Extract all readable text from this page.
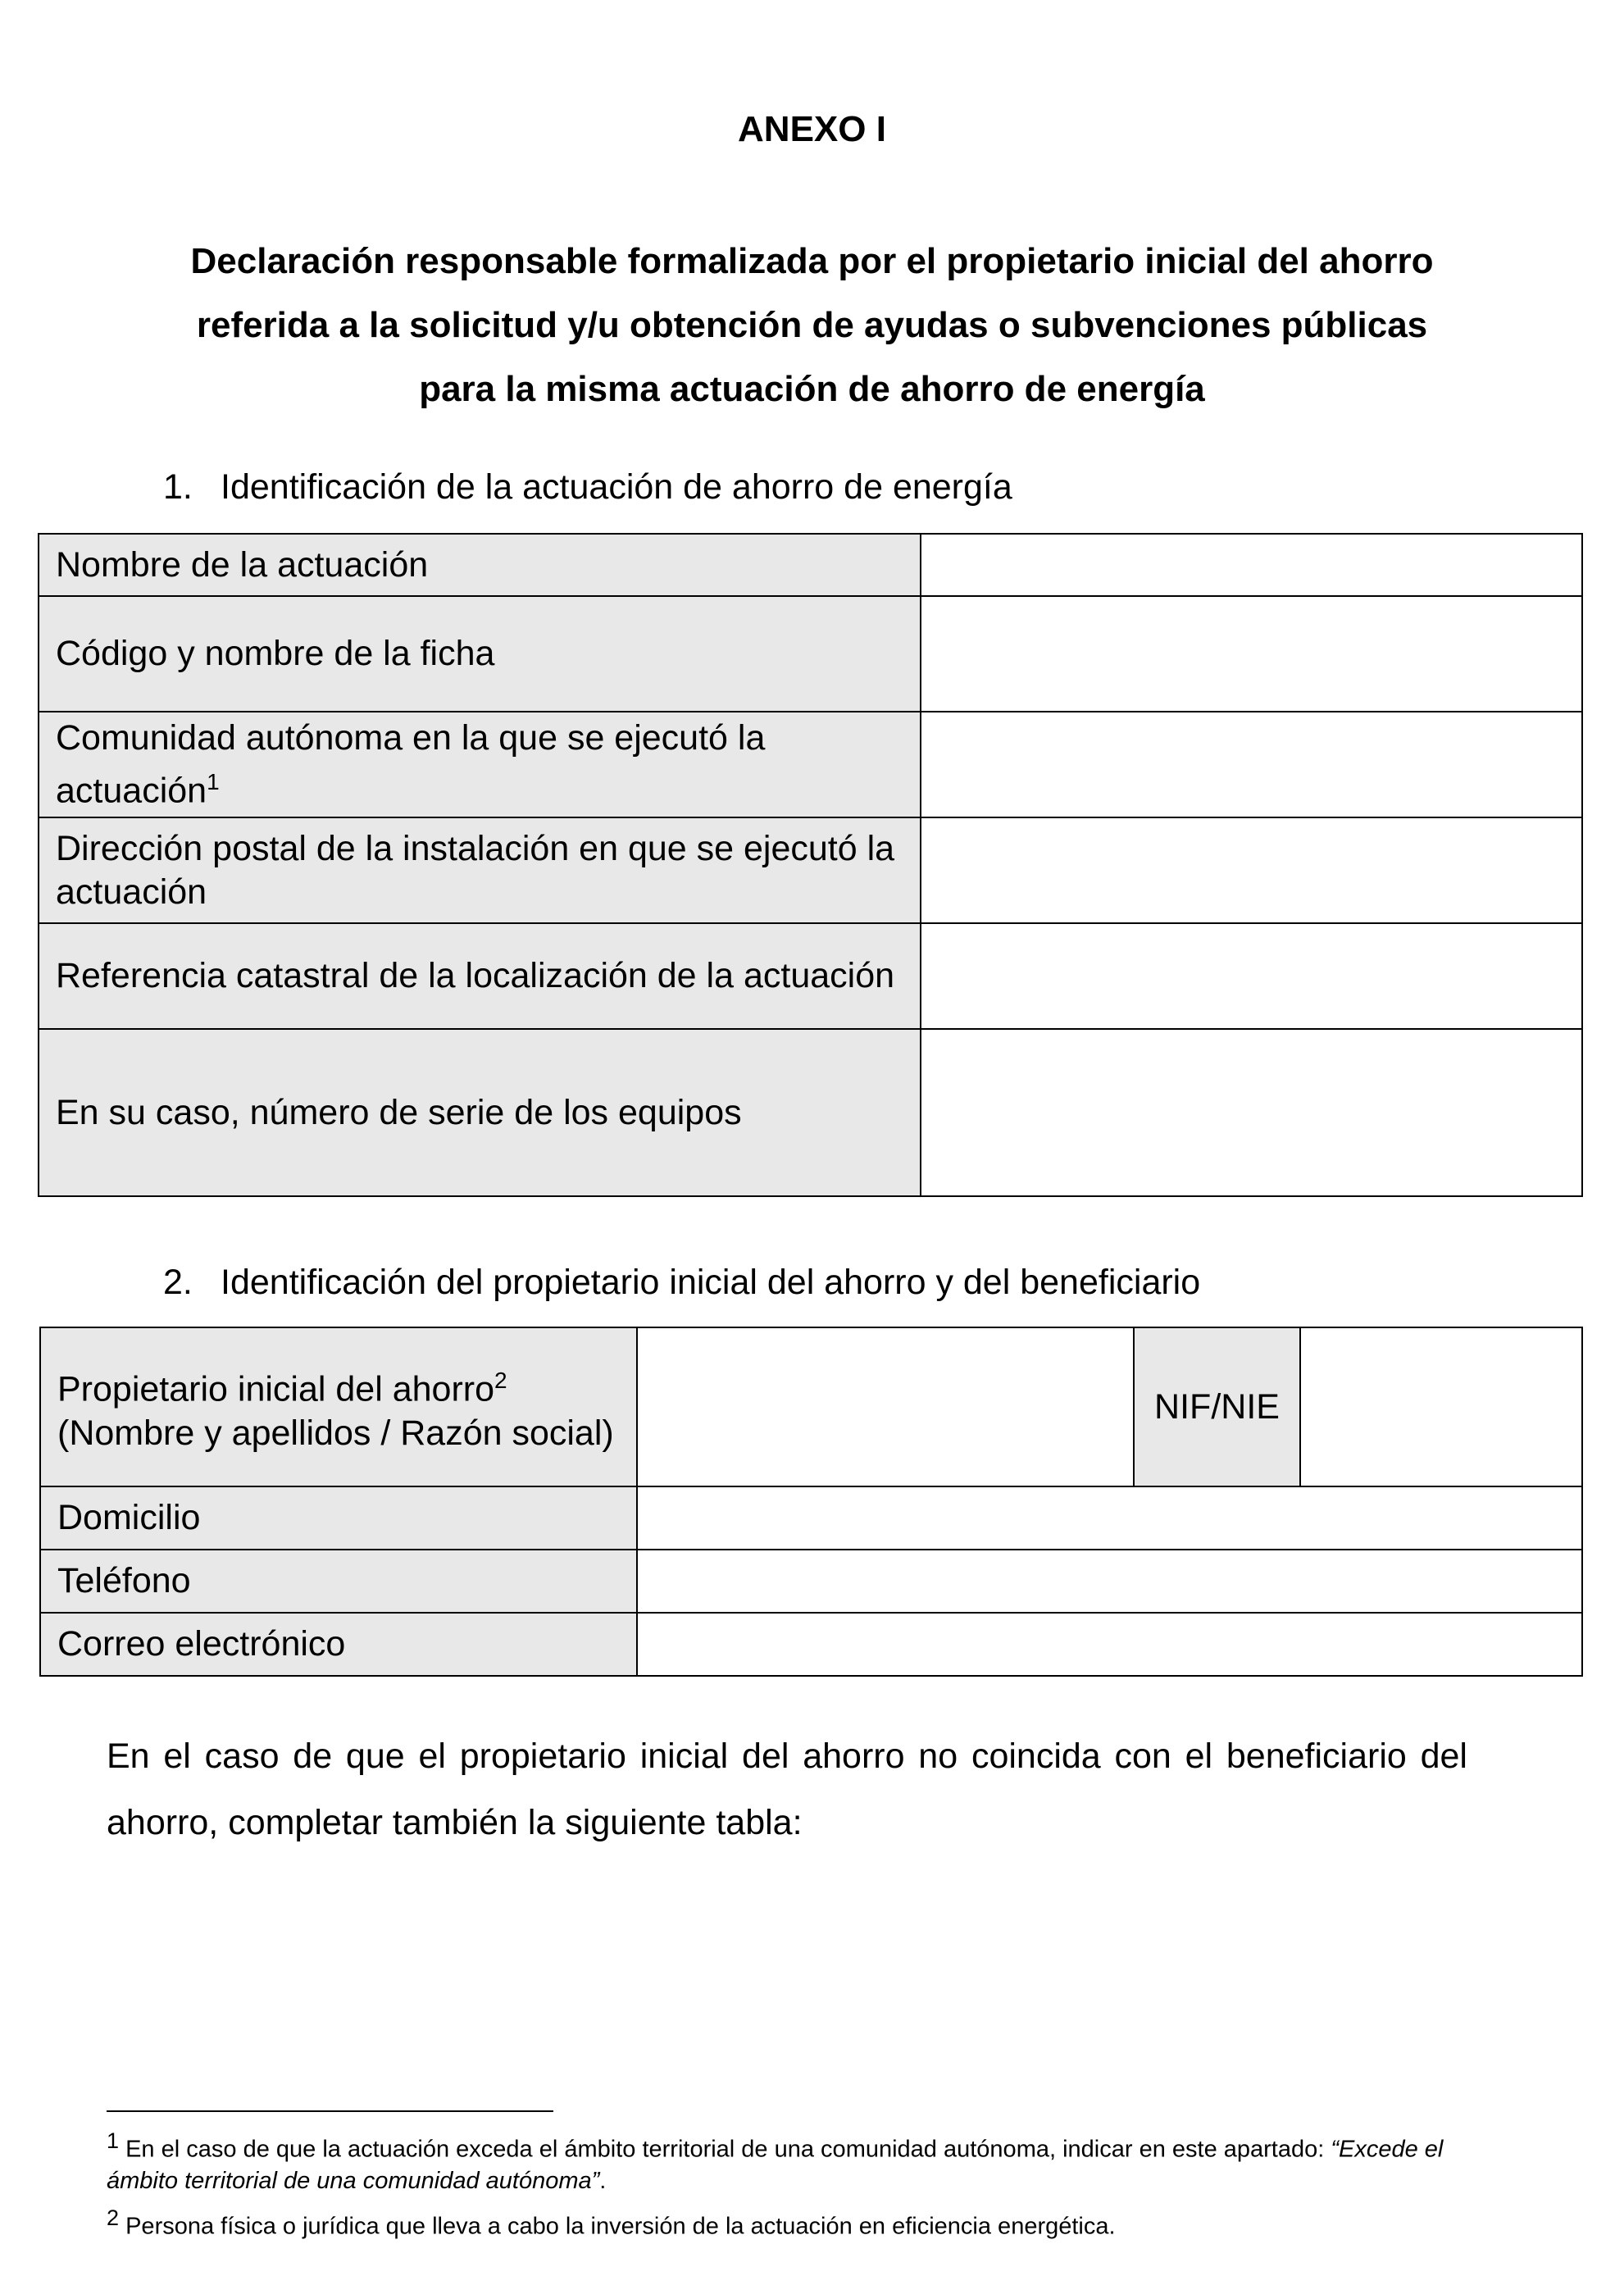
ANEXO I
Declaración responsable formalizada por el propietario inicial del ahorro
referida a la solicitud y/u obtención de ayudas o subvenciones públicas
para la misma actuación de ahorro de energía
1. Identificación de la actuación de ahorro de energía
Nombre de la actuación	
Código y nombre de la ficha	
Comunidad autónoma en la que se ejecutó la actuación$^1$	
Dirección postal de la instalación en que se ejecutó la actuación	
Referencia catastral de la localización de la actuación	
En su caso, número de serie de los equipos	
2. Identificación del propietario inicial del ahorro y del beneficiario
Propietario inicial del ahorro$^2$
(Nombre y apellidos / Razón social)		NIF/NIE	
Domicilio			
Teléfono			
Correo electrónico			
En el caso de que el propietario inicial del ahorro no coincida con el beneficiario del ahorro, completar también la siguiente tabla:
$^1$ En el caso de que la actuación exceda el ámbito territorial de una comunidad autónoma, indicar en este apartado: “Excede el ámbito territorial de una comunidad autónoma”.
$^2$ Persona física o jurídica que lleva a cabo la inversión de la actuación en eficiencia energética.
